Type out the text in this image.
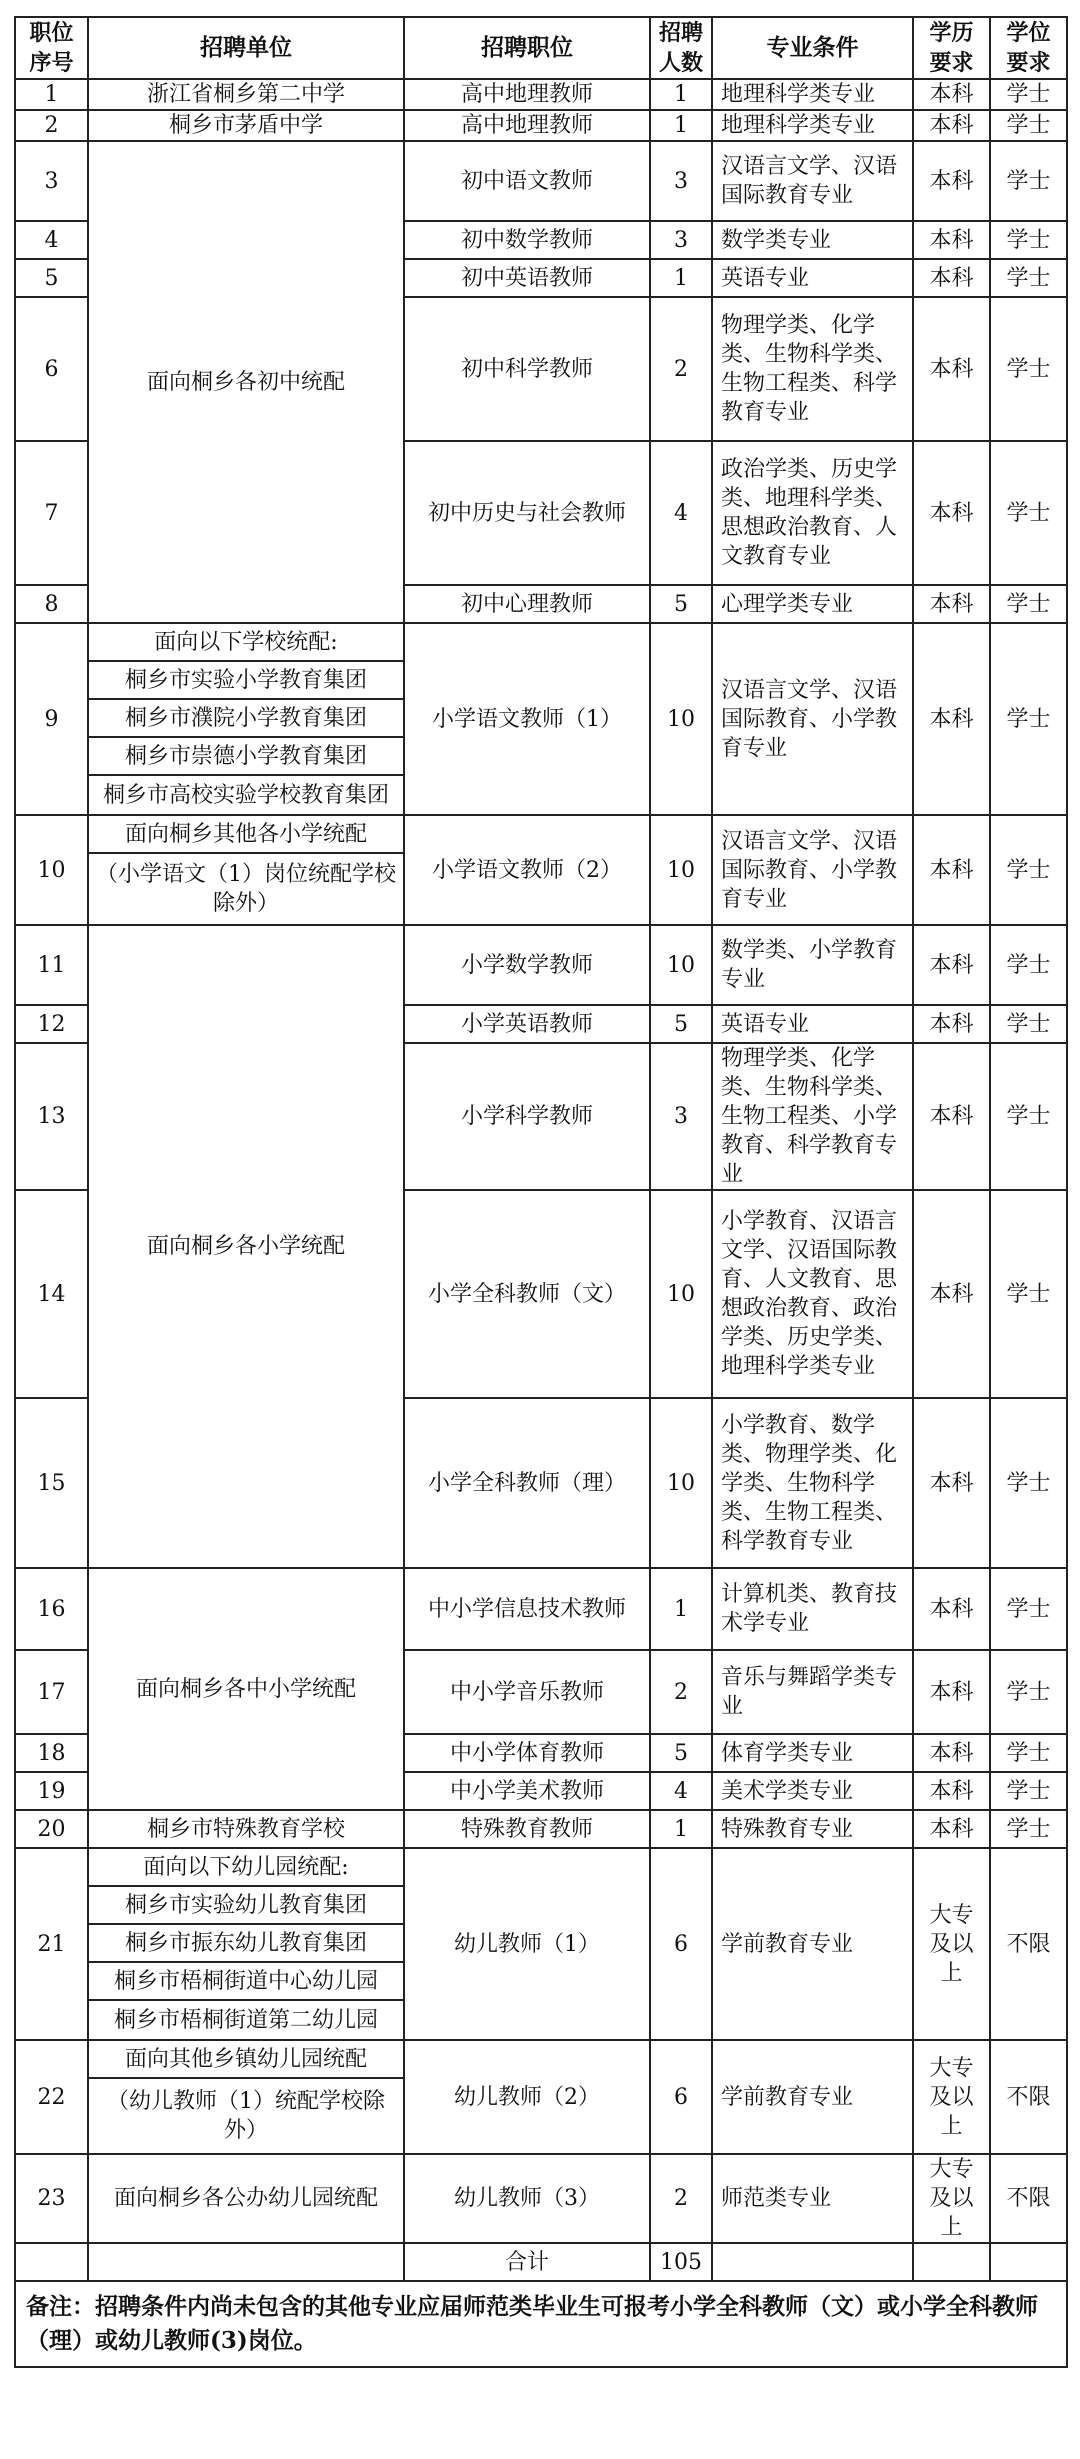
职位序号	招聘单位	招聘职位	招聘人数	专业条件	学历要求	学位要求
1	浙江省桐乡第二中学	高中地理教师	1	地理科学类专业	本科	学士
2	桐乡市茅盾中学	高中地理教师	1	地理科学类专业	本科	学士
3	面向桐乡各初中统配	初中语文教师	3	汉语言文学、汉语国际教育专业	本科	学士
4		初中数学教师	3	数学类专业	本科	学士
5		初中英语教师	1	英语专业	本科	学士
6		初中科学教师	2	物理学类、化学类、生物科学类、生物工程类、科学教育专业	本科	学士
7		初中历史与社会教师	4	政治学类、历史学类、地理科学类、思想政治教育、人文教育专业	本科	学士
8		初中心理教师	5	心理学类专业	本科	学士
9	面向以下学校统配:	小学语文教师（1）	10	汉语言文学、汉语国际教育、小学教育专业	本科	学士
	桐乡市实验小学教育集团					
	桐乡市濮院小学教育集团					
	桐乡市崇德小学教育集团					
	桐乡市高校实验学校教育集团					
10	面向桐乡其他各小学统配	小学语文教师（2）	10	汉语言文学、汉语国际教育、小学教育专业	本科	学士
	（小学语文（1）岗位统配学校除外）					
11	面向桐乡各小学统配	小学数学教师	10	数学类、小学教育专业	本科	学士
12		小学英语教师	5	英语专业	本科	学士
13		小学科学教师	3	物理学类、化学类、生物科学类、生物工程类、小学教育、科学教育专业	本科	学士
14		小学全科教师（文）	10	小学教育、汉语言文学、汉语国际教育、人文教育、思想政治教育、政治学类、历史学类、地理科学类专业	本科	学士
15		小学全科教师（理）	10	小学教育、数学类、物理学类、化学类、生物科学类、生物工程类、科学教育专业	本科	学士
16	面向桐乡各中小学统配	中小学信息技术教师	1	计算机类、教育技术学专业	本科	学士
17		中小学音乐教师	2	音乐与舞蹈学类专业	本科	学士
18		中小学体育教师	5	体育学类专业	本科	学士
19		中小学美术教师	4	美术学类专业	本科	学士
20	桐乡市特殊教育学校	特殊教育教师	1	特殊教育专业	本科	学士
21	面向以下幼儿园统配:	幼儿教师（1）	6	学前教育专业	大专及以上	不限
	桐乡市实验幼儿教育集团					
	桐乡市振东幼儿教育集团					
	桐乡市梧桐街道中心幼儿园					
	桐乡市梧桐街道第二幼儿园					
22	面向其他乡镇幼儿园统配	幼儿教师（2）	6	学前教育专业	大专及以上	不限
	（幼儿教师（1）统配学校除外）					
23	面向桐乡各公办幼儿园统配	幼儿教师（3）	2	师范类专业	大专及以上	不限
		合计	105			
备注：招聘条件内尚未包含的其他专业应届师范类毕业生可报考小学全科教师（文）或小学全科教师（理）或幼儿教师(3)岗位。						
